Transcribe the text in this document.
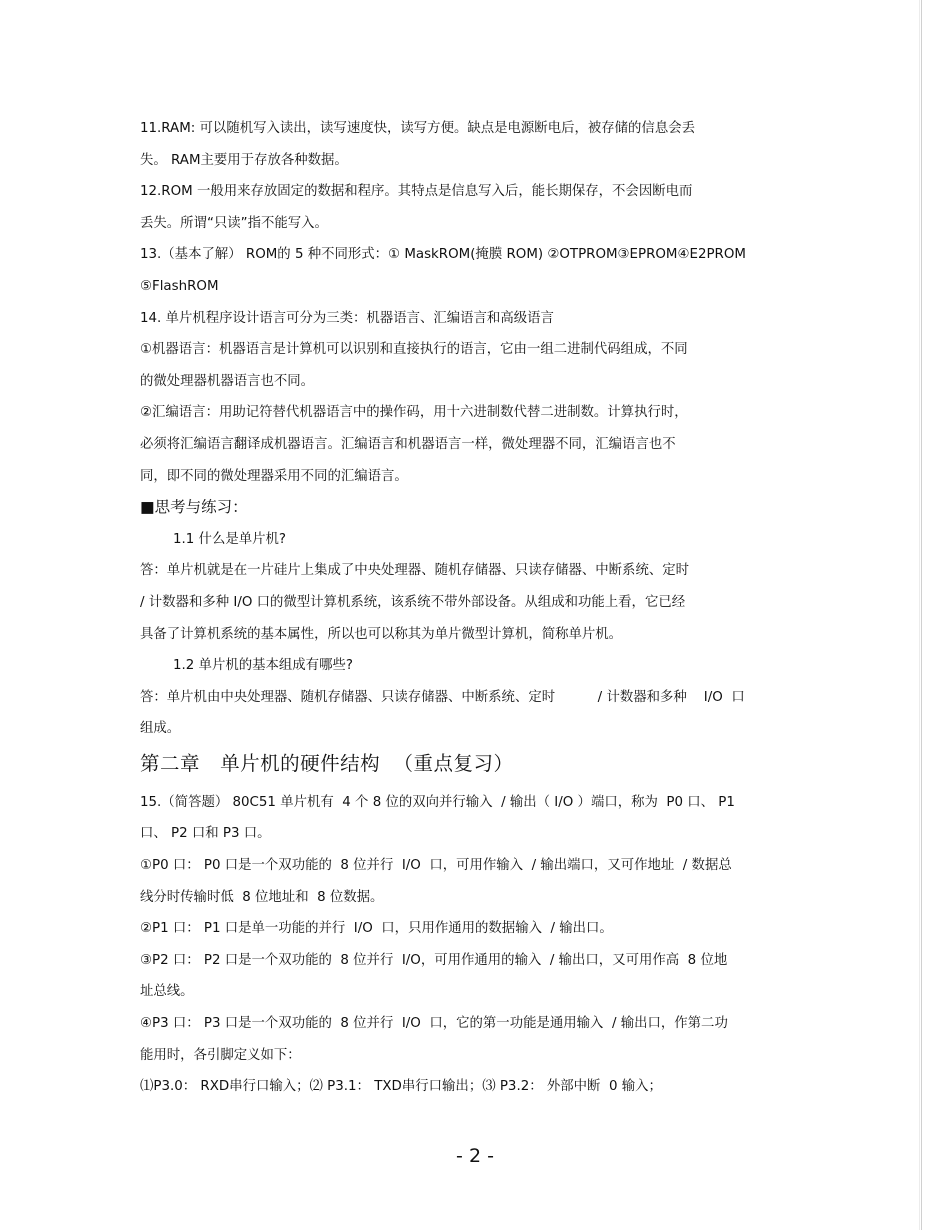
11.RAM: 可以随机写入读出，读写速度快，读写方便。缺点是电源断电后，被存储的信息会丢

失。 RAM主要用于存放各种数据。

12.ROM 一般用来存放固定的数据和程序。其特点是信息写入后，能长期保存，不会因断电而

丢失。所谓“只读”指不能写入。

13.（基本了解） ROM的 5 种不同形式：① MaskROM(掩膜 ROM) ②OTPROM③EPROM④E2PROM

⑤FlashROM

14. 单片机程序设计语言可分为三类：机器语言、汇编语言和高级语言

①机器语言：机器语言是计算机可以识别和直接执行的语言，它由一组二进制代码组成，不同

的微处理器机器语言也不同。

②汇编语言：用助记符替代机器语言中的操作码，用十六进制数代替二进制数。计算执行时，

必须将汇编语言翻译成机器语言。汇编语言和机器语言一样，微处理器不同，汇编语言也不

同，即不同的微处理器采用不同的汇编语言。

■思考与练习：

1.1 什么是单片机?

答：单片机就是在一片硅片上集成了中央处理器、随机存储器、只读存储器、中断系统、定时

/ 计数器和多种 I/O 口的微型计算机系统，该系统不带外部设备。从组成和功能上看，它已经

具备了计算机系统的基本属性，所以也可以称其为单片微型计算机，简称单片机。

1.2 单片机的基本组成有哪些?

答：单片机由中央处理器、随机存储器、只读存储器、中断系统、定时          / 计数器和多种    I/O  口

组成。

第二章   单片机的硬件结构  （重点复习）

15.（简答题） 80C51 单片机有  4 个 8 位的双向并行输入  / 输出（ I/O ）端口，称为  P0 口、 P1

口、 P2 口和 P3 口。

①P0 口： P0 口是一个双功能的  8 位并行  I/O  口，可用作输入  / 输出端口，又可作地址  / 数据总

线分时传输时低  8 位地址和  8 位数据。

②P1 口： P1 口是单一功能的并行  I/O  口，只用作通用的数据输入  / 输出口。

③P2 口： P2 口是一个双功能的  8 位并行  I/O，可用作通用的输入  / 输出口，又可用作高  8 位地

址总线。

④P3 口： P3 口是一个双功能的  8 位并行  I/O  口，它的第一功能是通用输入  / 输出口，作第二功

能用时，各引脚定义如下：

⑴P3.0： RXD串行口输入；⑵ P3.1： TXD串行口输出；⑶ P3.2： 外部中断  0 输入；

- 2 -
